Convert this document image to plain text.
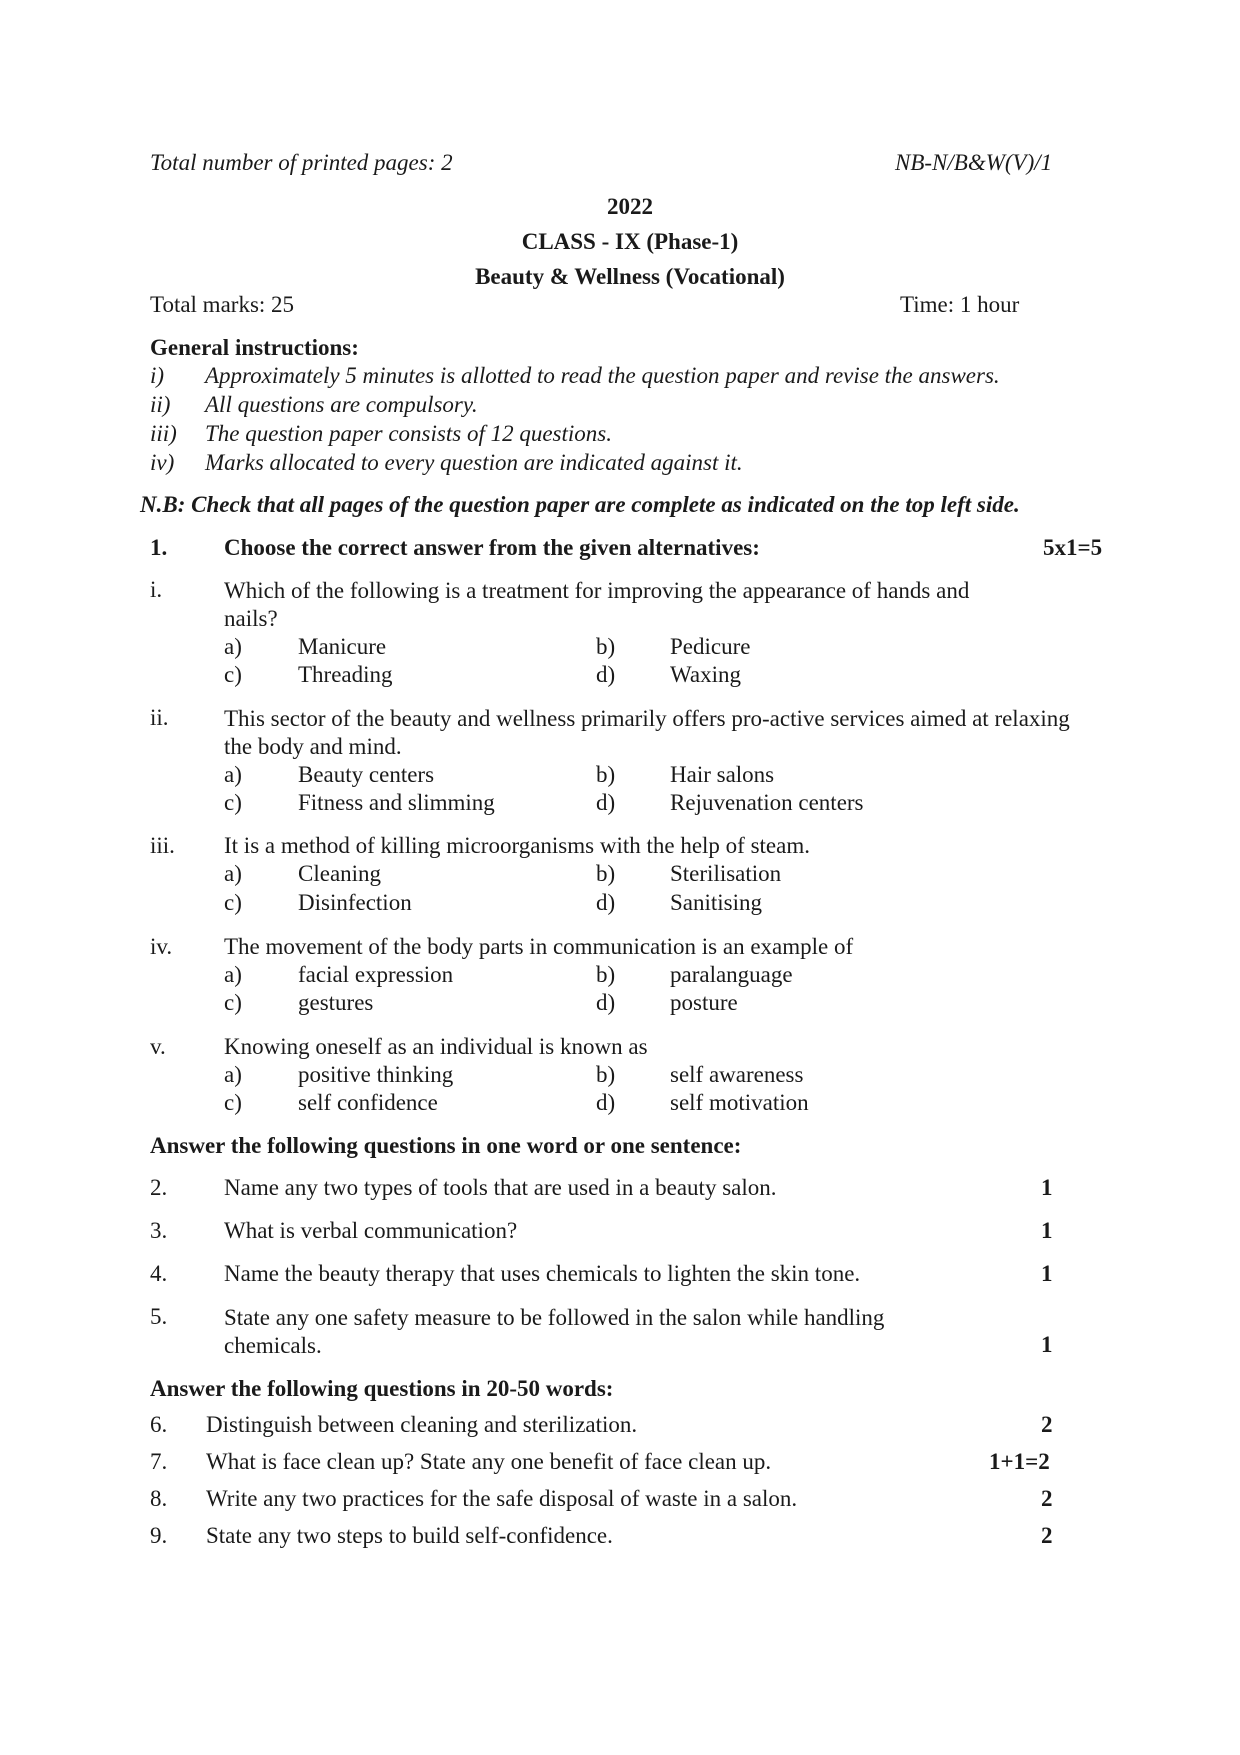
Total number of printed pages: 2	NB-N/B&W(V)/1
2022
CLASS - IX (Phase-1)
Beauty & Wellness (Vocational)
Total marks: 25	Time: 1 hour
General instructions:
i) Approximately 5 minutes is allotted to read the question paper and revise the answers.
ii) All questions are compulsory.
iii) The question paper consists of 12 questions.
iv) Marks allocated to every question are indicated against it.
N.B: Check that all pages of the question paper are complete as indicated on the top left side.
1. Choose the correct answer from the given alternatives:	5x1=5
i.	Which of the following is a treatment for improving the appearance of hands and nails?
a) Manicure	b) Pedicure
c) Threading	d) Waxing
ii. This sector of the beauty and wellness primarily offers pro-active services aimed at relaxing the body and mind.
a) Beauty centers	b) Hair salons
c) Fitness and slimming	d) Rejuvenation centers
iii. It is a method of killing microorganisms with the help of steam.
a) Cleaning	b) Sterilisation
c) Disinfection	d) Sanitising
iv. The movement of the body parts in communication is an example of
a) facial expression	b) paralanguage
c) gestures	d) posture
v.	Knowing oneself as an individual is known as
a) positive thinking	b) self awareness
c) self confidence	d) self motivation
Answer the following questions in one word or one sentence:
2. Name any two types of tools that are used in a beauty salon.	1
3. What is verbal communication?	1
4. Name the beauty therapy that uses chemicals to lighten the skin tone.	1
5. State any one safety measure to be followed in the salon while handling chemicals.	1
Answer the following questions in 20-50 words:
6. Distinguish between cleaning and sterilization.	2
7. What is face clean up? State any one benefit of face clean up.	1+1=2
8. Write any two practices for the safe disposal of waste in a salon.	2
9. State any two steps to build self-confidence.	2
